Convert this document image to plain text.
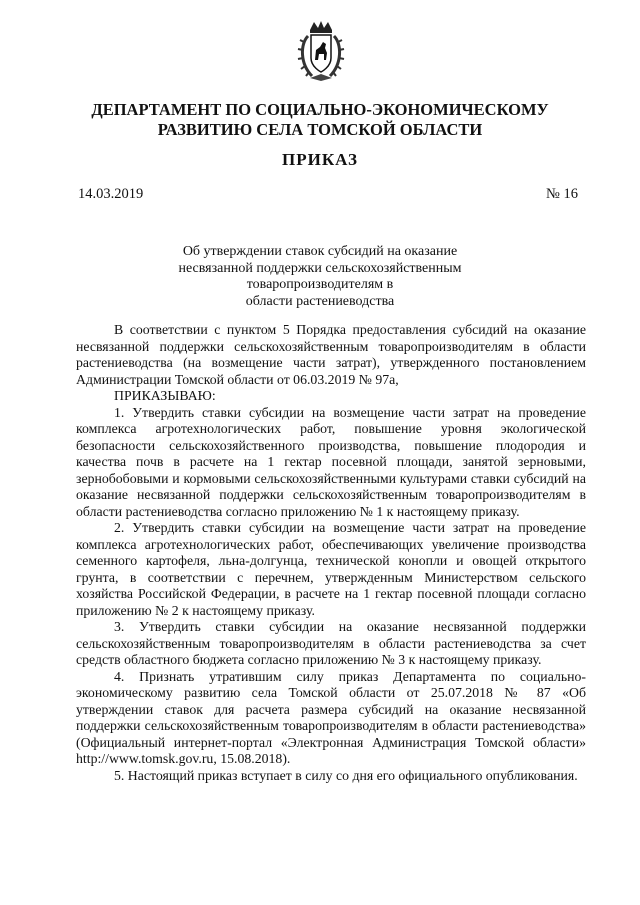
ДЕПАРТАМЕНТ ПО СОЦИАЛЬНО-ЭКОНОМИЧЕСКОМУ
РАЗВИТИЮ СЕЛА ТОМСКОЙ ОБЛАСТИ
ПРИКАЗ
14.03.2019	№ 16
Об утверждении ставок субсидий на оказание
несвязанной поддержки сельскохозяйственным товаропроизводителям в
области растениеводства

В соответствии с пунктом 5 Порядка предоставления субсидий на оказание несвязанной поддержки сельскохозяйственным товаропроизводителям в области растениеводства (на возмещение части затрат), утвержденного постановлением Администрации Томской области от 06.03.2019 № 97а,

ПРИКАЗЫВАЮ:

1. Утвердить ставки субсидии на возмещение части затрат на проведение комплекса агротехнологических работ, повышение уровня экологической безопасности сельскохозяйственного производства, повышение плодородия и качества почв в расчете на 1 гектар посевной площади, занятой зерновыми, зернобобовыми и кормовыми сельскохозяйственными культурами ставки субсидий на оказание несвязанной поддержки сельскохозяйственным товаропроизводителям в области растениеводства согласно приложению № 1 к настоящему приказу.

2. Утвердить ставки субсидии на возмещение части затрат на проведение комплекса агротехнологических работ, обеспечивающих увеличение производства семенного картофеля, льна-долгунца, технической конопли и овощей открытого грунта, в соответствии с перечнем, утвержденным Министерством сельского хозяйства Российской Федерации, в расчете на 1 гектар посевной площади согласно приложению № 2 к настоящему приказу.

3. Утвердить ставки субсидии на оказание несвязанной поддержки сельскохозяйственным товаропроизводителям в области растениеводства за счет средств областного бюджета согласно приложению № 3 к настоящему приказу.

4. Признать утратившим силу приказ Департамента по социально-экономическому развитию села Томской области от 25.07.2018 № 87 «Об утверждении ставок для расчета размера субсидий на оказание несвязанной поддержки сельскохозяйственным товаропроизводителям в области растениеводства» (Официальный интернет-портал «Электронная Администрация Томской области» http://www.tomsk.gov.ru, 15.08.2018).

5. Настоящий приказ вступает в силу со дня его официального опубликования.
